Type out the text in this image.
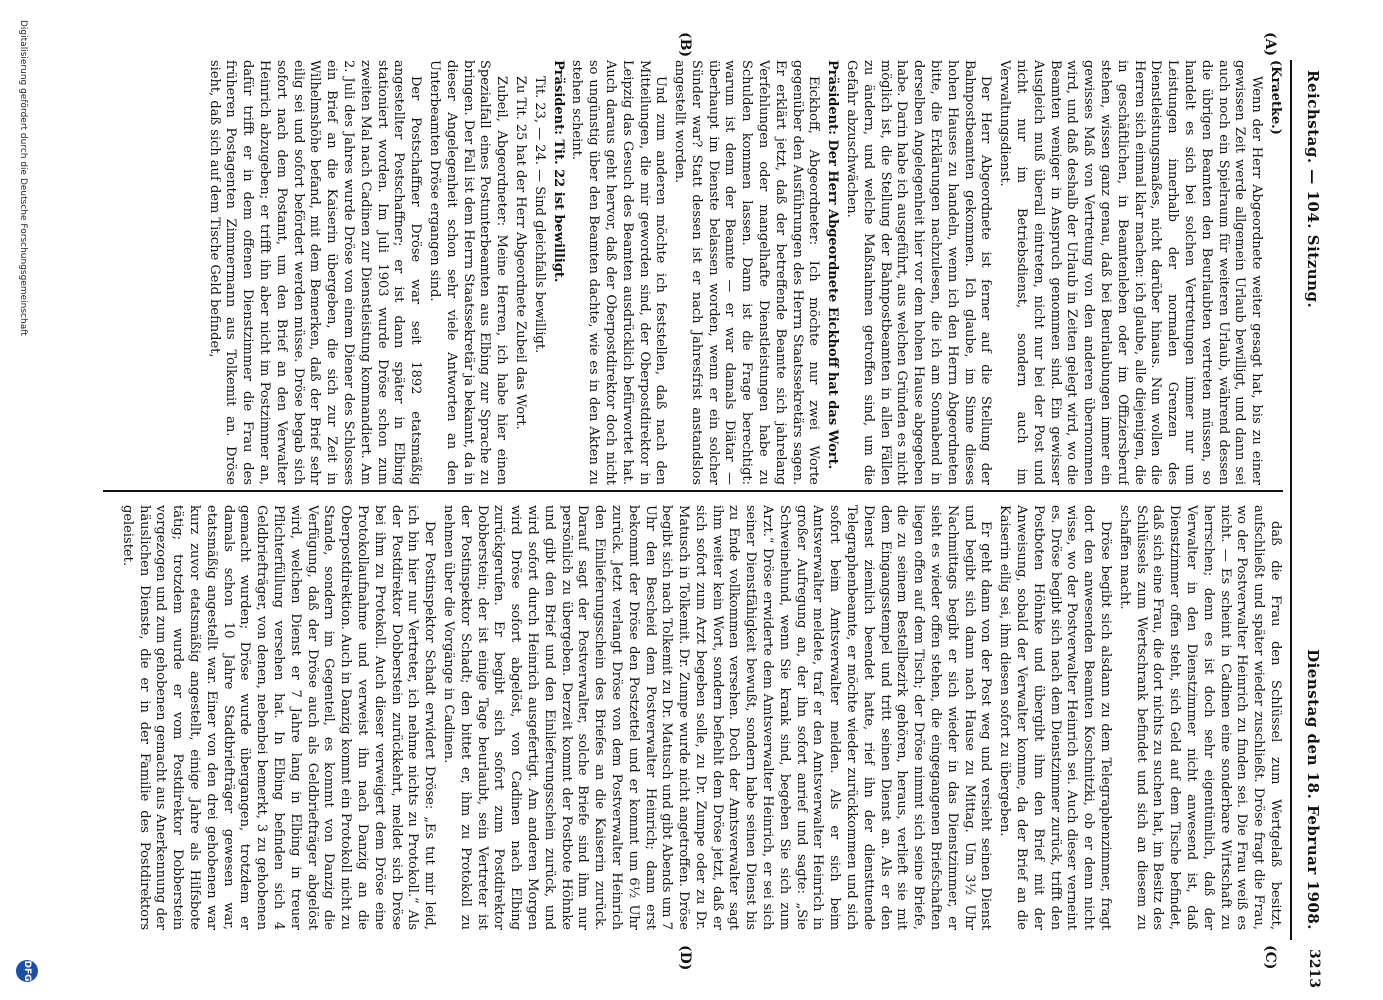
Reichstag. — 104. Sitzung.
Dienstag den 18. Februar 1908.
3213
(A)
(B)
(C)
(D)

(Kraetke.)

Wenn der Herr Abgeordnete weiter gesagt hat, bis zu einer gewissen Zeit werde allgemein Urlaub bewilligt, und dann sei auch noch ein Spielraum für weiteren Urlaub, während dessen die übrigen Beamten den Beurlaubten vertreten müssen, so handelt es sich bei solchen Vertretungen immer nur um Leistungen innerhalb der normalen Grenzen des Dienstleistungsmaßes, nicht darüber hinaus. Nun wollen die Herren sich einmal klar machen: ich glaube, alle diejenigen, die in geschäftlichen, in Beamtenleben oder im Offiziersberuf stehen, wissen ganz genau, daß bei Beurlaubungen immer ein gewisses Maß von Vertretung von den anderen übernommen wird, und daß deshalb der Urlaub in Zeiten gelegt wird, wo die Beamten weniger in Anspruch genommen sind. Ein gewisser Ausgleich muß überall eintreten, nicht nur bei der Post und nicht nur im Betriebsdienst, sondern auch im Verwaltungsdienst.

Der Herr Abgeordnete ist ferner auf die Stellung der Bahnpostbeamten gekommen. Ich glaube, im Sinne dieses hohen Hauses zu handeln, wenn ich den Herrn Abgeordneten bitte, die Erklärungen nachzulesen, die ich am Sonnabend in derselben Angelegenheit hier vor dem hohen Hause abgegeben habe. Darin habe ich ausgeführt, aus welchen Gründen es nicht möglich ist, die Stellung der Bahnpostbeamten in allen Fällen zu ändern, und welche Maßnahmen getroffen sind, um die Gefahr abzuschwächen.

Präsident: Der Herr Abgeordnete Eickhoff hat das Wort.

Eickhoff, Abgeordneter: Ich möchte nur zwei Worte gegenüber den Ausführungen des Herrn Staatssekretärs sagen. Er erklärt jetzt, daß der betreffende Beamte sich jahrelang Verfehlungen oder mangelhafte Dienstleistungen habe zu Schulden kommen lassen. Dann ist die Frage berechtigt: warum ist denn der Beamte — er war damals Diätar — überhaupt im Dienste belassen worden, wenn er ein solcher Sünder war? Statt dessen ist er nach Jahresfrist anstandslos angestellt worden.

Und zum anderen möchte ich feststellen, daß nach den Mitteilungen, die mir geworden sind, der Oberpostdirektor in Leipzig das Gesuch des Beamten ausdrücklich befürwortet hat. Auch daraus geht hervor, daß der Oberpostdirektor doch nicht so ungünstig über den Beamten dachte, wie es in den Akten zu stehen scheint.

Präsident: Tit. 22 ist bewilligt.

Tit. 23, — 24. — Sind gleichfalls bewilligt.

Zu Tit. 25 hat der Herr Abgeordnete Zubeil das Wort.

Zubeil, Abgeordneter: Meine Herren, ich habe hier einen Spezialfall eines Postunterbeamten aus Elbing zur Sprache zu bringen. Der Fall ist dem Herrn Staatssekretär ja bekannt, da in dieser Angelegenheit schon sehr viele Antworten an den Unterbeamten Dröse ergangen sind.

Der Postschaffner Dröse war seit 1892 etatsmäßig angestellter Postschaffner; er ist dann später in Elbing stationiert worden. Im Juli 1903 wurde Dröse schon zum zweiten Mal nach Cadinen zur Dienstleistung kommandiert. Am 2. Juli des Jahres wurde Dröse von einem Diener des Schlosses ein Brief an die Kaiserin übergeben, die sich zur Zeit in Wilhelmshöhe befand, mit dem Bemerken, daß der Brief sehr eilig sei und sofort befördert werden müsse. Dröse begab sich sofort nach dem Postamt, um den Brief an den Verwalter Heinrich abzugeben; er trifft ihn aber nicht im Postzimmer an, dafür trifft er in dem offenen Dienstzimmer die Frau des früheren Postagenten Zimmermann aus Tolkemit an. Dröse sieht, daß sich auf dem Tische Geld befindet,

daß die Frau den Schlüssel zum Wertgelaß besitzt, aufschließt und später wieder zuschließt. Dröse fragt die Frau, wo der Postverwalter Heinrich zu finden sei. Die Frau weiß es nicht. — Es scheint in Cadinen eine sonderbare Wirtschaft zu herrschen; denn es ist doch sehr eigentümlich, daß der Verwalter in den Dienstzimmer nicht anwesend ist, daß Dienstzimmer offen steht, sich Geld auf dem Tische befindet, daß sich eine Frau, die dort nichts zu suchen hat, im Besitz des Schlüssels zum Wertschrank befindet und sich an diesem zu schaffen macht.

Dröse begibt sich alsdann zu dem Telegraphenzimmer, fragt dort den anwesenden Beamten Koschnitzki, ob er denn nicht wisse, wo der Postverwalter Heinrich sei. Auch dieser verneint es. Dröse begibt sich nach dem Dienstzimmer zurück, trifft den Postboten Höhnke und übergibt ihm den Brief mit der Anweisung, sobald der Verwalter komme, da der Brief an die Kaiserin eilig sei, ihm diesen sofort zu übergeben.

Er geht dann von der Post weg und versieht seinen Dienst und begibt sich dann nach Hause zu Mittag. Um 3½ Uhr Nachmittags begibt er sich wieder in das Dienstzimmer, er sieht es wieder offen stehen, die eingegangenen Briefschaften liegen offen auf dem Tisch; der Dröse nimmt sich seine Briefe, die zu seinem Bestellbezirk gehören, heraus, verlieft sie mit dem Eingangsstempel und tritt seinen Dienst an. Als er den Dienst ziemlich beendet hatte, rief ihn der diensttuende Telegraphenbeamte, er möchte wieder zurückkommen und sich sofort beim Amtsverwalter melden. Als er sich beim Amtsverwalter meldete, traf er den Amtsverwalter Heinrich in großer Aufregung an, der ihn sofort anrief und sagte: „Sie Schweinehund, wenn Sie krank sind, begeben Sie sich zum Arzt.“ Dröse erwiderte dem Amtsverwalter Heinrich, er sei sich seiner Dienstfähigkeit bewußt, sondern habe seinen Dienst bis zu Ende vollkommen versehen. Doch der Amtsverwalter sagt ihm weiter kein Wort, sondern befiehlt dem Dröse jetzt, daß er sich sofort zum Arzt begeben solle, zu Dr. Zumpe oder zu Dr. Matusch in Tolkemit. Dr. Zumpe wurde nicht angetroffen. Dröse begibt sich nach Tolkemit zu Dr. Matusch und gibt Abends um 7 Uhr den Bescheid dem Postverwalter Heinrich; dann erst bekommt der Dröse den Postzettel und er kommt um 6½ Uhr zurück. Jetzt verlangt Dröse von dem Postverwalter Heinrich den Einlieferungsschein des Briefes an die Kaiserin zurück. Darauf sagt der Postverwalter, solche Briefe sind ihm nur persönlich zu übergeben. Derzeit kommt der Postbote Höhnke und gibt den Brief und den Einlieferungsschein zurück, und wird sofort durch Heinrich ausgefertigt. Am anderen Morgen wird Dröse sofort abgelöst, von Cadinen nach Elbing zurückgerufen. Er begibt sich sofort zum Postdirektor Dobberstein; der ist einige Tage beurlaubt, sein Vertreter ist der Postinspektor Schadt; den bittet er, ihm zu Protokoll zu nehmen über die Vorgänge in Cadinen.

Der Postinspektor Schadt erwidert Dröse: „Es tut mir leid, ich bin hier nur Vertreter, ich nehme nichts zu Protokoll.“ Als der Postdirektor Dobberstein zurückkehrt, meldet sich Dröse bei ihm zu Protokoll. Auch dieser verweigert dem Dröse eine Protokollaufnahme und verweist ihn nach Danzig an die Oberpostdirektion. Auch in Danzig kommt ein Protokoll nicht zu Stande, sondern im Gegenteil, es kommt von Danzig die Verfügung, daß der Dröse auch als Geldbriefträger abgelöst wird, welchen Dienst er 7 Jahre lang in Elbing in treuer Pflichterfüllung versehen hat. In Elbing befinden sich 4 Geldbriefträger, von denen, nebenbei bemerkt, 3 zu gehobenen gemacht wurden; Dröse wurde übergangen, trotzdem er damals schon 10 Jahre Stadtbriefträger gewesen war, etatsmäßig angestellt war. Einer von den drei gehobenen war kurz zuvor etatsmäßig angestellt, einige Jahre als Hilfsbote tätig; trotzdem wurde er vom Postdirektor Dobberstein vorgezogen und zum gehobenen gemacht aus Anerkennung der häuslichen Dienste, die er in der Familie des Postdirektors geleistet.

Digitalisierung gefördert durch die Deutsche Forschungsgemeinschaft
DFG
